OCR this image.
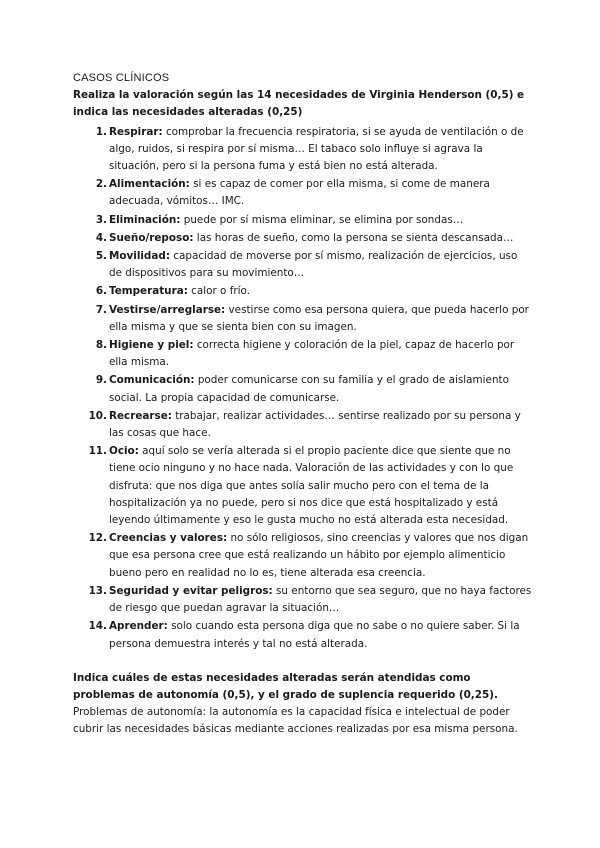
CASOS CLÍNICOS
Realiza la valoración según las 14 necesidades de Virginia Henderson (0,5) e indica las necesidades alteradas (0,25)
1. Respirar: comprobar la frecuencia respiratoria, si se ayuda de ventilación o de algo, ruidos, si respira por sí misma… El tabaco solo influye si agrava la situación, pero si la persona fuma y está bien no está alterada.
2. Alimentación: si es capaz de comer por ella misma, si come de manera adecuada, vómitos… IMC.
3. Eliminación: puede por sí misma eliminar, se elimina por sondas…
4. Sueño/reposo: las horas de sueño, como la persona se sienta descansada…
5. Movilidad: capacidad de moverse por sí mismo, realización de ejercicios, uso de dispositivos para su movimiento…
6. Temperatura: calor o frío.
7. Vestirse/arreglarse: vestirse como esa persona quiera, que pueda hacerlo por ella misma y que se sienta bien con su imagen.
8. Higiene y piel: correcta higiene y coloración de la piel, capaz de hacerlo por ella misma.
9. Comunicación: poder comunicarse con su familia y el grado de aislamiento social. La propia capacidad de comunicarse.
10. Recrearse: trabajar, realizar actividades… sentirse realizado por su persona y las cosas que hace.
11. Ocio: aquí solo se vería alterada si el propio paciente dice que siente que no tiene ocio ninguno y no hace nada. Valoración de las actividades y con lo que disfruta: que nos diga que antes solía salir mucho pero con el tema de la hospitalización ya no puede, pero si nos dice que está hospitalizado y está leyendo últimamente y eso le gusta mucho no está alterada esta necesidad.
12. Creencias y valores: no sólo religiosos, sino creencias y valores que nos digan que esa persona cree que está realizando un hábito por ejemplo alimenticio bueno pero en realidad no lo es, tiene alterada esa creencia.
13. Seguridad y evitar peligros: su entorno que sea seguro, que no haya factores de riesgo que puedan agravar la situación…
14. Aprender: solo cuando esta persona diga que no sabe o no quiere saber. Si la persona demuestra interés y tal no está alterada.
Indica cuáles de estas necesidades alteradas serán atendidas como problemas de autonomía (0,5), y el grado de suplencia requerido (0,25).
Problemas de autonomía: la autonomía es la capacidad física e intelectual de poder cubrir las necesidades básicas mediante acciones realizadas por esa misma persona.
